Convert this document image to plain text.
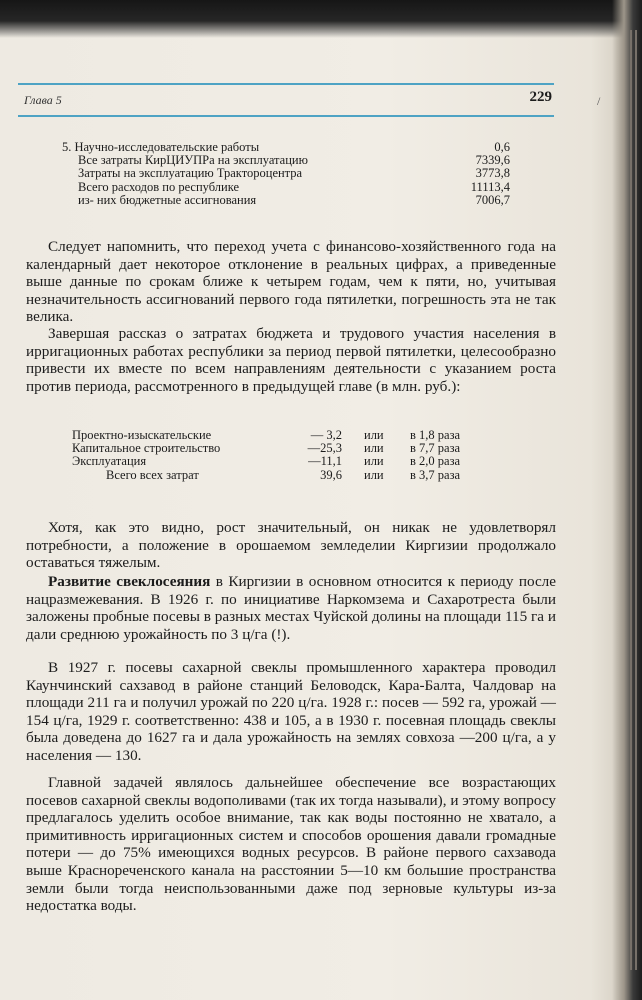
Глава 5	229	/
5. Научно-исследовательские работы	0,6
Все затраты КирЦИУПРа на эксплуатацию	7339,6
Затраты на эксплуатацию Трактороцентра	3773,8
Всего расходов по республике	11113,4
из- них бюджетные ассигнования	7006,7

Следует напомнить, что переход учета с финансово-хозяйственного года на календарный дает некоторое отклонение в реальных цифрах, а приведенные выше данные по срокам ближе к четырем годам, чем к пяти, но, учитывая незначительность ассигнований первого года пятилетки, погрешность эта не так велика.

Завершая рассказ о затратах бюджета и трудового участия населения в ирригационных работах республики за период первой пятилетки, целесообразно привести их вместе по всем направлениям деятельности с указанием роста против периода, рассмотренного в предыдущей главе (в млн. руб.):

Проектно-изыскательские	— 3,2 или в 1,8 раза
Капитальное строительство	—25,3 или в 7,7 раза
Эксплуатация	—11,1 или в 2,0 раза
Всего всех затрат	39,6 или в 3,7 раза

Хотя, как это видно, рост значительный, он никак не удовлетворял потребности, а положение в орошаемом земледелии Киргизии продолжало оставаться тяжелым.

Развитие свеклосеяния в Киргизии в основном относится к периоду после нацразмежевания. В 1926 г. по инициативе Наркомзема и Сахаротреста были заложены пробные посевы в разных местах Чуйской долины на площади 115 га и дали среднюю урожайность по 3 ц/га (!).

В 1927 г. посевы сахарной свеклы промышленного характера проводил Каунчинский сахзавод в районе станций Беловодск, Кара-Балта, Чалдовар на площади 211 га и получил урожай по 220 ц/га. 1928 г.: посев — 592 га, урожай — 154 ц/га, 1929 г. соответственно: 438 и 105, а в 1930 г. посевная площадь свеклы была доведена до 1627 га и дала урожайность на землях совхоза —200 ц/га, а у населения — 130.

Главной задачей являлось дальнейшее обеспечение все возрастающих посевов сахарной свеклы водополивами (так их тогда называли), и этому вопросу предлагалось уделить особое внимание, так как воды постоянно не хватало, а примитивность ирригационных систем и способов орошения давали громадные потери — до 75% имеющихся водных ресурсов. В районе первого сахзавода выше Краснореченского канала на расстоянии 5—10 км большие пространства земли были тогда неиспользованными даже под зерновые культуры из-за недостатка воды.
